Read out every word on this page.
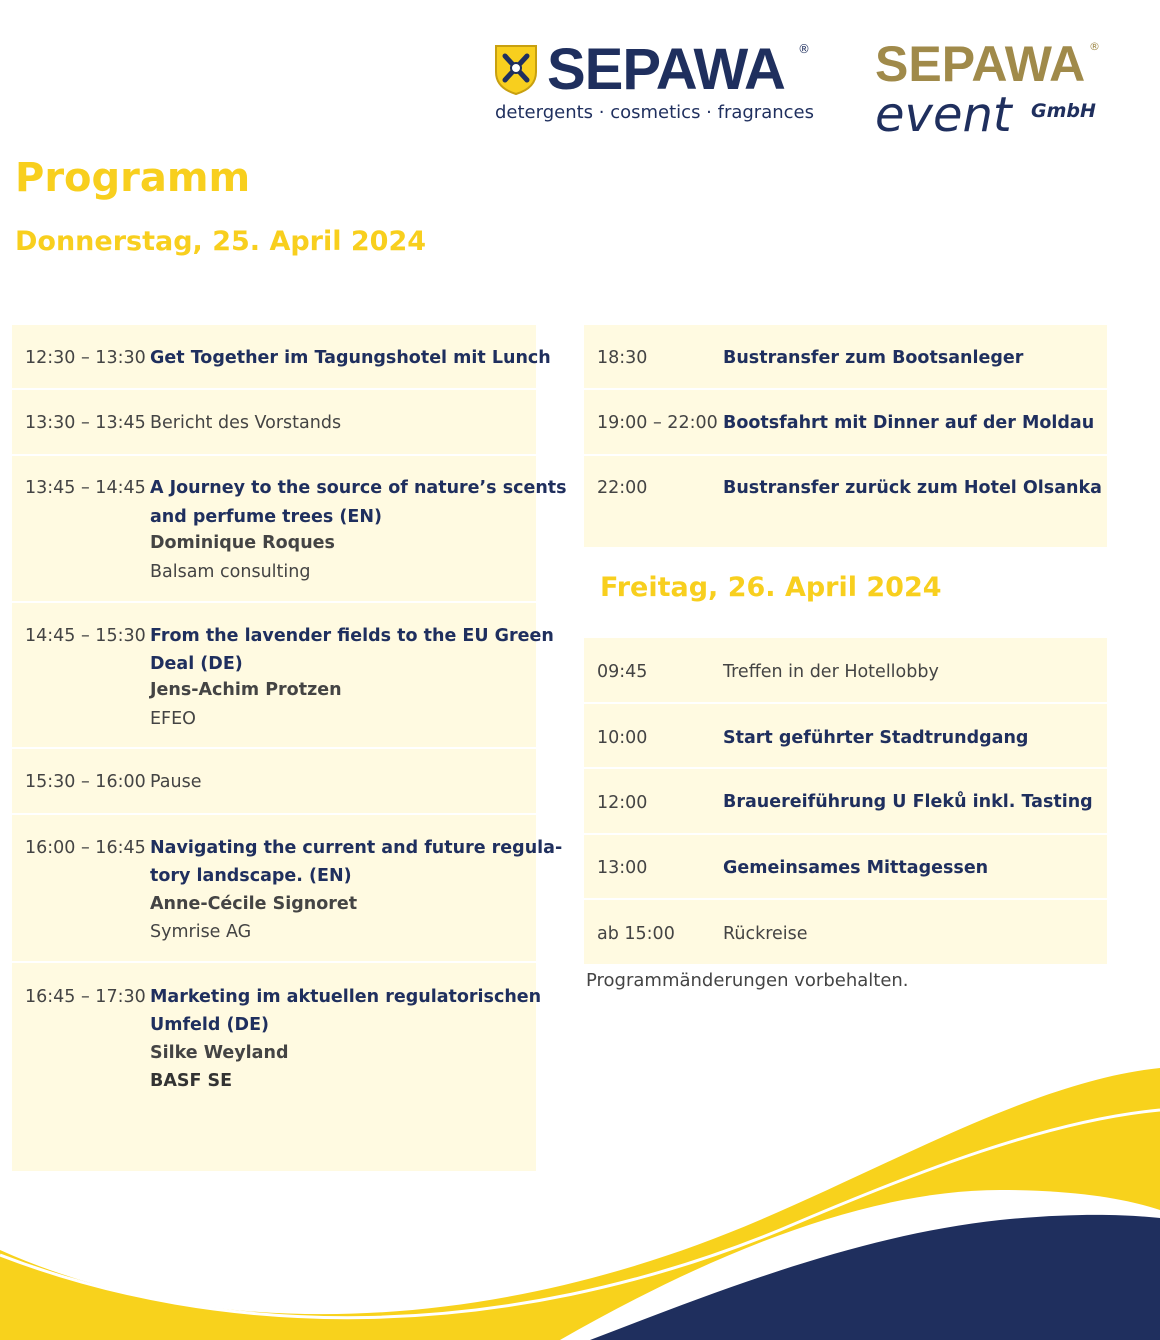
SEPAWA ®
detergents · cosmetics · fragrances
SEPAWA ®
event GmbH
Programm
Donnerstag, 25. April 2024
12:30 – 13:30 Get Together im Tagungshotel mit Lunch
13:30 – 13:45 Bericht des Vorstands
13:45 – 14:45 A Journey to the source of nature’s scents
and perfume trees (EN)
Dominique Roques
Balsam consulting
14:45 – 15:30 From the lavender fields to the EU Green
Deal (DE)
Jens-Achim Protzen
EFEO
15:30 – 16:00 Pause
16:00 – 16:45 Navigating the current and future regula-
tory landscape. (EN)
Anne-Cécile Signoret
Symrise AG
16:45 – 17:30 Marketing im aktuellen regulatorischen
Umfeld (DE)
Silke Weyland
BASF SE
18:30	Bustransfer zum Bootsanleger
19:00 – 22:00 Bootsfahrt mit Dinner auf der Moldau
22:00	Bustransfer zurück zum Hotel Olsanka
Freitag, 26. April 2024
09:45	Treffen in der Hotellobby
10:00	Start geführter Stadtrundgang
12:00	Brauereiführung U Fleků inkl. Tasting
13:00	Gemeinsames Mittagessen
ab 15:00	Rückreise
Programmänderungen vorbehalten.
